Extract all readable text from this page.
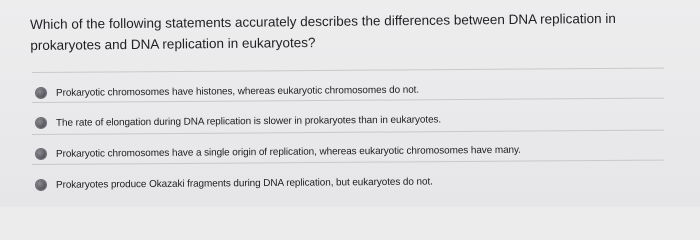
Which of the following statements accurately describes the differences between DNA replication in prokaryotes and DNA replication in eukaryotes?
Prokaryotic chromosomes have histones, whereas eukaryotic chromosomes do not.
The rate of elongation during DNA replication is slower in prokaryotes than in eukaryotes.
Prokaryotic chromosomes have a single origin of replication, whereas eukaryotic chromosomes have many.
Prokaryotes produce Okazaki fragments during DNA replication, but eukaryotes do not.
